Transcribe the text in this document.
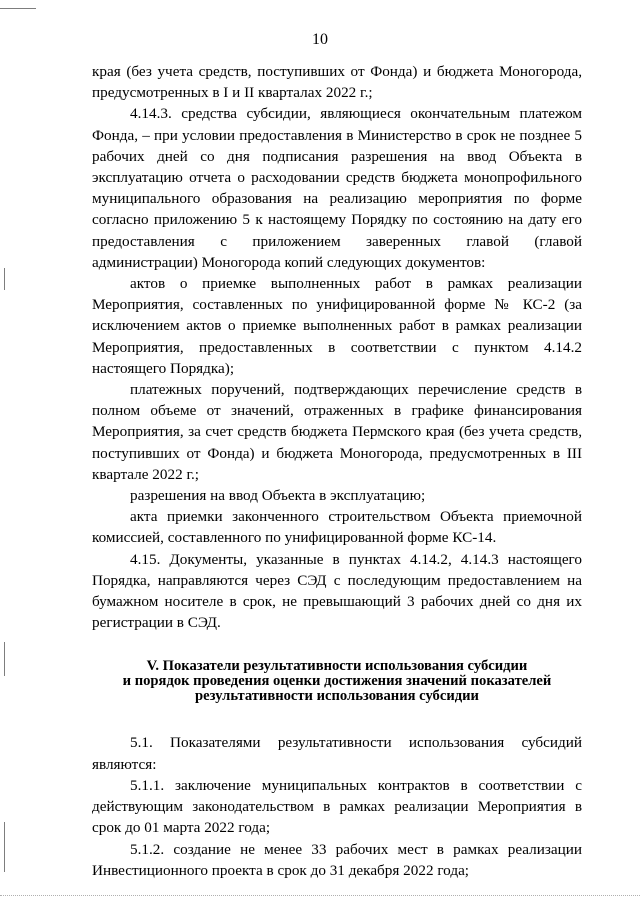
10

края (без учета средств, поступивших от Фонда) и бюджета Моногорода, предусмотренных в I и II кварталах 2022 г.;

4.14.3. средства субсидии, являющиеся окончательным платежом Фонда, – при условии предоставления в Министерство в срок не позднее 5 рабочих дней со дня подписания разрешения на ввод Объекта в эксплуатацию отчета о расходовании средств бюджета монопрофильного муниципального образования на реализацию мероприятия по форме согласно приложению 5 к настоящему Порядку по состоянию на дату его предоставления с приложением заверенных главой (главой администрации) Моногорода копий следующих документов:

актов о приемке выполненных работ в рамках реализации Мероприятия, составленных по унифицированной форме № КС-2 (за исключением актов о приемке выполненных работ в рамках реализации Мероприятия, предоставленных в соответствии с пунктом 4.14.2 настоящего Порядка);

платежных поручений, подтверждающих перечисление средств в полном объеме от значений, отраженных в графике финансирования Мероприятия, за счет средств бюджета Пермского края (без учета средств, поступивших от Фонда) и бюджета Моногорода, предусмотренных в III квартале 2022 г.;

разрешения на ввод Объекта в эксплуатацию;

акта приемки законченного строительством Объекта приемочной комиссией, составленного по унифицированной форме КС-14.

4.15. Документы, указанные в пунктах 4.14.2, 4.14.3 настоящего Порядка, направляются через СЭД с последующим предоставлением на бумажном носителе в срок, не превышающий 3 рабочих дней со дня их регистрации в СЭД.

V. Показатели результативности использования субсидии
и порядок проведения оценки достижения значений показателей
результативности использования субсидии

5.1. Показателями результативности использования субсидий являются:

5.1.1. заключение муниципальных контрактов в соответствии с действующим законодательством в рамках реализации Мероприятия в срок до 01 марта 2022 года;

5.1.2. создание не менее 33 рабочих мест в рамках реализации Инвестиционного проекта в срок до 31 декабря 2022 года;
